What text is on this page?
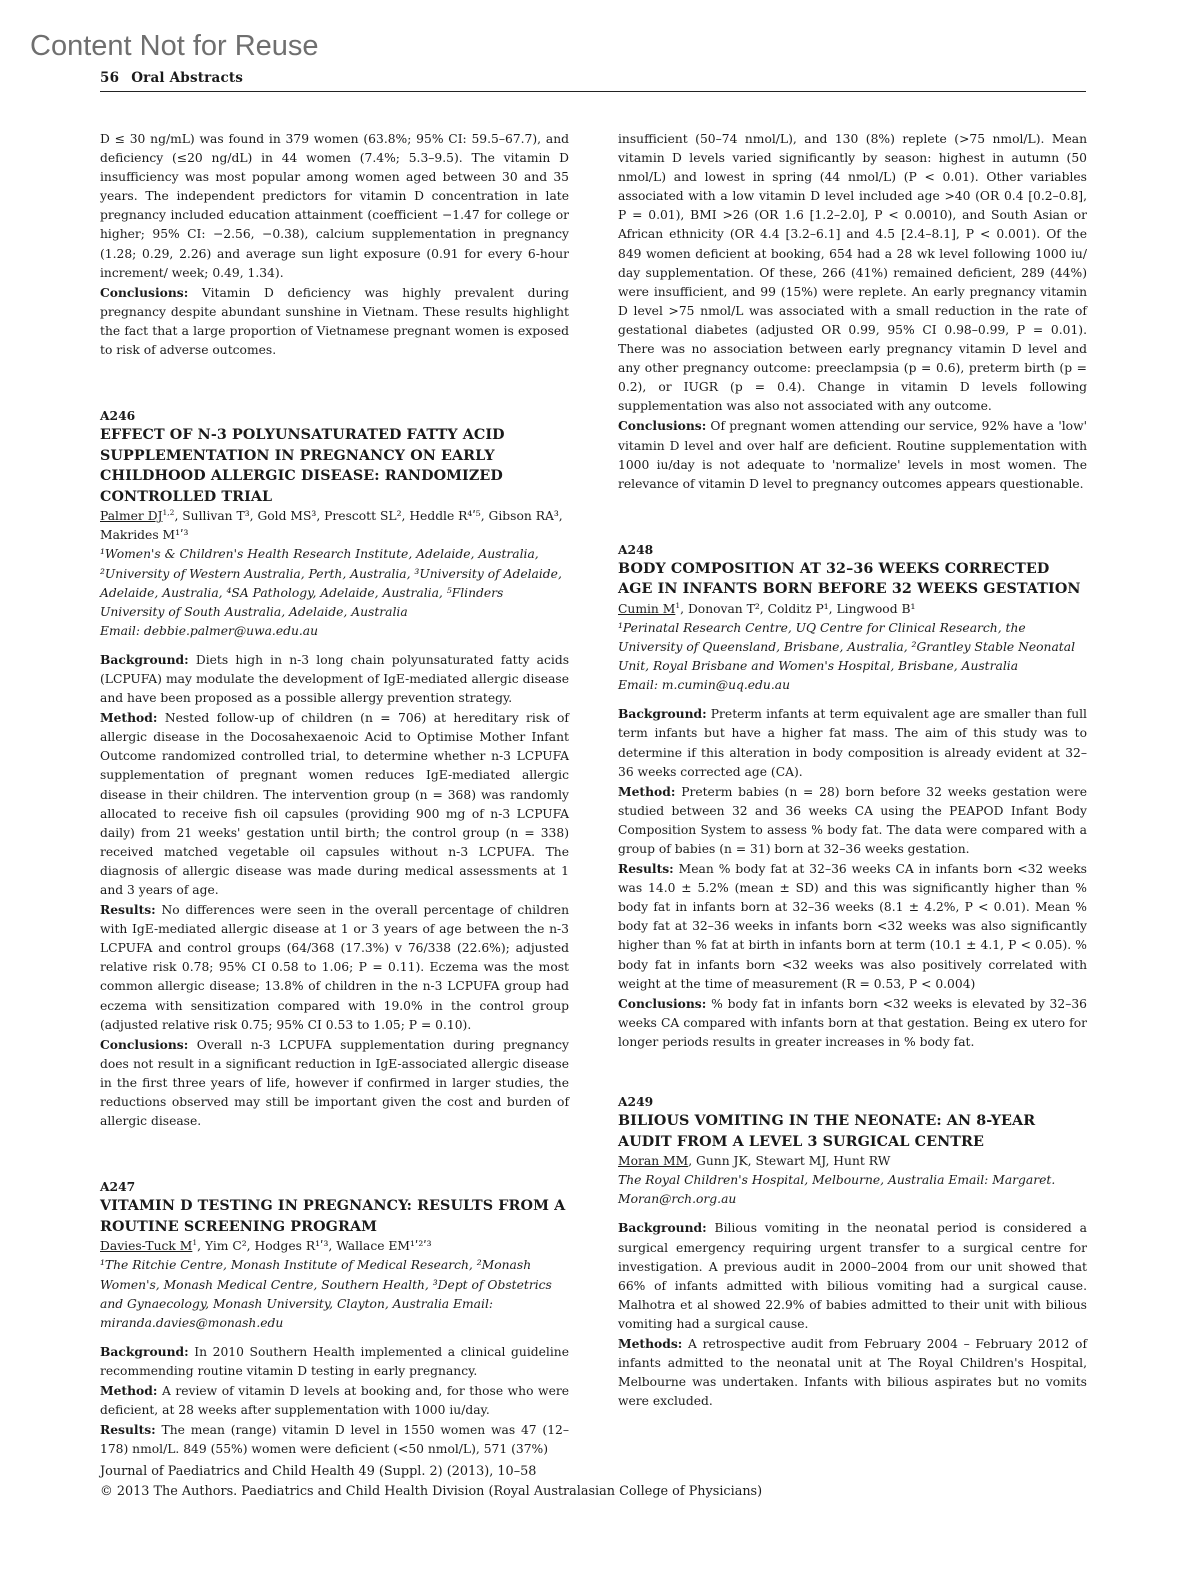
Content Not for Reuse
56 Oral Abstracts

D ≤ 30 ng/mL) was found in 379 women (63.8%; 95% CI: 59.5–67.7), and deficiency (≤20 ng/dL) in 44 women (7.4%; 5.3–9.5). The vitamin D insufficiency was most popular among women aged between 30 and 35 years. The independent predictors for vitamin D concentration in late pregnancy included education attainment (coefficient −1.47 for college or higher; 95% CI: −2.56, −0.38), calcium supplementation in pregnancy (1.28; 0.29, 2.26) and average sun light exposure (0.91 for every 6-hour increment/ week; 0.49, 1.34).

Conclusions: Vitamin D deficiency was highly prevalent during pregnancy despite abundant sunshine in Vietnam. These results highlight the fact that a large proportion of Vietnamese pregnant women is exposed to risk of adverse outcomes.

A246

EFFECT OF N-3 POLYUNSATURATED FATTY ACID SUPPLEMENTATION IN PREGNANCY ON EARLY CHILDHOOD ALLERGIC DISEASE: RANDOMIZED CONTROLLED TRIAL

Palmer DJ$^{1,2}$, Sullivan T³, Gold MS³, Prescott SL², Heddle R⁴ʹ⁵, Gibson RA³, Makrides M¹ʹ³

¹Women's & Children's Health Research Institute, Adelaide, Australia, ²University of Western Australia, Perth, Australia, ³University of Adelaide, Adelaide, Australia, ⁴SA Pathology, Adelaide, Australia, ⁵Flinders University of South Australia, Adelaide, Australia

Email: debbie.palmer@uwa.edu.au

Background: Diets high in n-3 long chain polyunsaturated fatty acids (LCPUFA) may modulate the development of IgE-mediated allergic disease and have been proposed as a possible allergy prevention strategy.

Method: Nested follow-up of children (n = 706) at hereditary risk of allergic disease in the Docosahexaenoic Acid to Optimise Mother Infant Outcome randomized controlled trial, to determine whether n-3 LCPUFA supplementation of pregnant women reduces IgE-mediated allergic disease in their children. The intervention group (n = 368) was randomly allocated to receive fish oil capsules (providing 900 mg of n-3 LCPUFA daily) from 21 weeks' gestation until birth; the control group (n = 338) received matched vegetable oil capsules without n-3 LCPUFA. The diagnosis of allergic disease was made during medical assessments at 1 and 3 years of age.

Results: No differences were seen in the overall percentage of children with IgE-mediated allergic disease at 1 or 3 years of age between the n-3 LCPUFA and control groups (64/368 (17.3%) v 76/338 (22.6%); adjusted relative risk 0.78; 95% CI 0.58 to 1.06; P = 0.11). Eczema was the most common allergic disease; 13.8% of children in the n-3 LCPUFA group had eczema with sensitization compared with 19.0% in the control group (adjusted relative risk 0.75; 95% CI 0.53 to 1.05; P = 0.10).

Conclusions: Overall n-3 LCPUFA supplementation during pregnancy does not result in a significant reduction in IgE-associated allergic disease in the first three years of life, however if confirmed in larger studies, the reductions observed may still be important given the cost and burden of allergic disease.

A247

VITAMIN D TESTING IN PREGNANCY: RESULTS FROM A ROUTINE SCREENING PROGRAM

Davies-Tuck $M^1$, Yim C², Hodges R¹ʹ³, Wallace EM¹ʹ²ʹ³

¹The Ritchie Centre, Monash Institute of Medical Research, ²Monash Women's, Monash Medical Centre, Southern Health, ³Dept of Obstetrics and Gynaecology, Monash University, Clayton, Australia Email: miranda.davies@monash.edu

Background: In 2010 Southern Health implemented a clinical guideline recommending routine vitamin D testing in early pregnancy.

Method: A review of vitamin D levels at booking and, for those who were deficient, at 28 weeks after supplementation with 1000 iu/day.

Results: The mean (range) vitamin D level in 1550 women was 47 (12–178) nmol/L. 849 (55%) women were deficient (<50 nmol/L), 571 (37%)

insufficient (50–74 nmol/L), and 130 (8%) replete (>75 nmol/L). Mean vitamin D levels varied significantly by season: highest in autumn (50 nmol/L) and lowest in spring (44 nmol/L) (P < 0.01). Other variables associated with a low vitamin D level included age >40 (OR 0.4 [0.2–0.8], P = 0.01), BMI >26 (OR 1.6 [1.2–2.0], P < 0.0010), and South Asian or African ethnicity (OR 4.4 [3.2–6.1] and 4.5 [2.4–8.1], P < 0.001). Of the 849 women deficient at booking, 654 had a 28 wk level following 1000 iu/ day supplementation. Of these, 266 (41%) remained deficient, 289 (44%) were insufficient, and 99 (15%) were replete. An early pregnancy vitamin D level >75 nmol/L was associated with a small reduction in the rate of gestational diabetes (adjusted OR 0.99, 95% CI 0.98–0.99, P = 0.01). There was no association between early pregnancy vitamin D level and any other pregnancy outcome: preeclampsia (p = 0.6), preterm birth (p = 0.2), or IUGR (p = 0.4). Change in vitamin D levels following supplementation was also not associated with any outcome.

Conclusions: Of pregnant women attending our service, 92% have a 'low' vitamin D level and over half are deficient. Routine supplementation with 1000 iu/day is not adequate to 'normalize' levels in most women. The relevance of vitamin D level to pregnancy outcomes appears questionable.

A248

BODY COMPOSITION AT 32–36 WEEKS CORRECTED AGE IN INFANTS BORN BEFORE 32 WEEKS GESTATION

Cumin $M^1$, Donovan T², Colditz P¹, Lingwood B¹

¹Perinatal Research Centre, UQ Centre for Clinical Research, the University of Queensland, Brisbane, Australia, ²Grantley Stable Neonatal Unit, Royal Brisbane and Women's Hospital, Brisbane, Australia

Email: m.cumin@uq.edu.au

Background: Preterm infants at term equivalent age are smaller than full term infants but have a higher fat mass. The aim of this study was to determine if this alteration in body composition is already evident at 32–36 weeks corrected age (CA).

Method: Preterm babies (n = 28) born before 32 weeks gestation were studied between 32 and 36 weeks CA using the PEAPOD Infant Body Composition System to assess % body fat. The data were compared with a group of babies (n = 31) born at 32–36 weeks gestation.

Results: Mean % body fat at 32–36 weeks CA in infants born <32 weeks was 14.0 ± 5.2% (mean ± SD) and this was significantly higher than % body fat in infants born at 32–36 weeks (8.1 ± 4.2%, P < 0.01). Mean % body fat at 32–36 weeks in infants born <32 weeks was also significantly higher than % fat at birth in infants born at term (10.1 ± 4.1, P < 0.05). % body fat in infants born <32 weeks was also positively correlated with weight at the time of measurement (R = 0.53, P < 0.004)

Conclusions: % body fat in infants born <32 weeks is elevated by 32–36 weeks CA compared with infants born at that gestation. Being ex utero for longer periods results in greater increases in % body fat.

A249

BILIOUS VOMITING IN THE NEONATE: AN 8-YEAR AUDIT FROM A LEVEL 3 SURGICAL CENTRE

Moran MM, Gunn JK, Stewart MJ, Hunt RW

The Royal Children's Hospital, Melbourne, Australia Email: Margaret. Moran@rch.org.au

Background: Bilious vomiting in the neonatal period is considered a surgical emergency requiring urgent transfer to a surgical centre for investigation. A previous audit in 2000–2004 from our unit showed that 66% of infants admitted with bilious vomiting had a surgical cause. Malhotra et al showed 22.9% of babies admitted to their unit with bilious vomiting had a surgical cause.

Methods: A retrospective audit from February 2004 – February 2012 of infants admitted to the neonatal unit at The Royal Children's Hospital, Melbourne was undertaken. Infants with bilious aspirates but no vomits were excluded.

Journal of Paediatrics and Child Health 49 (Suppl. 2) (2013), 10–58
© 2013 The Authors. Paediatrics and Child Health Division (Royal Australasian College of Physicians)
